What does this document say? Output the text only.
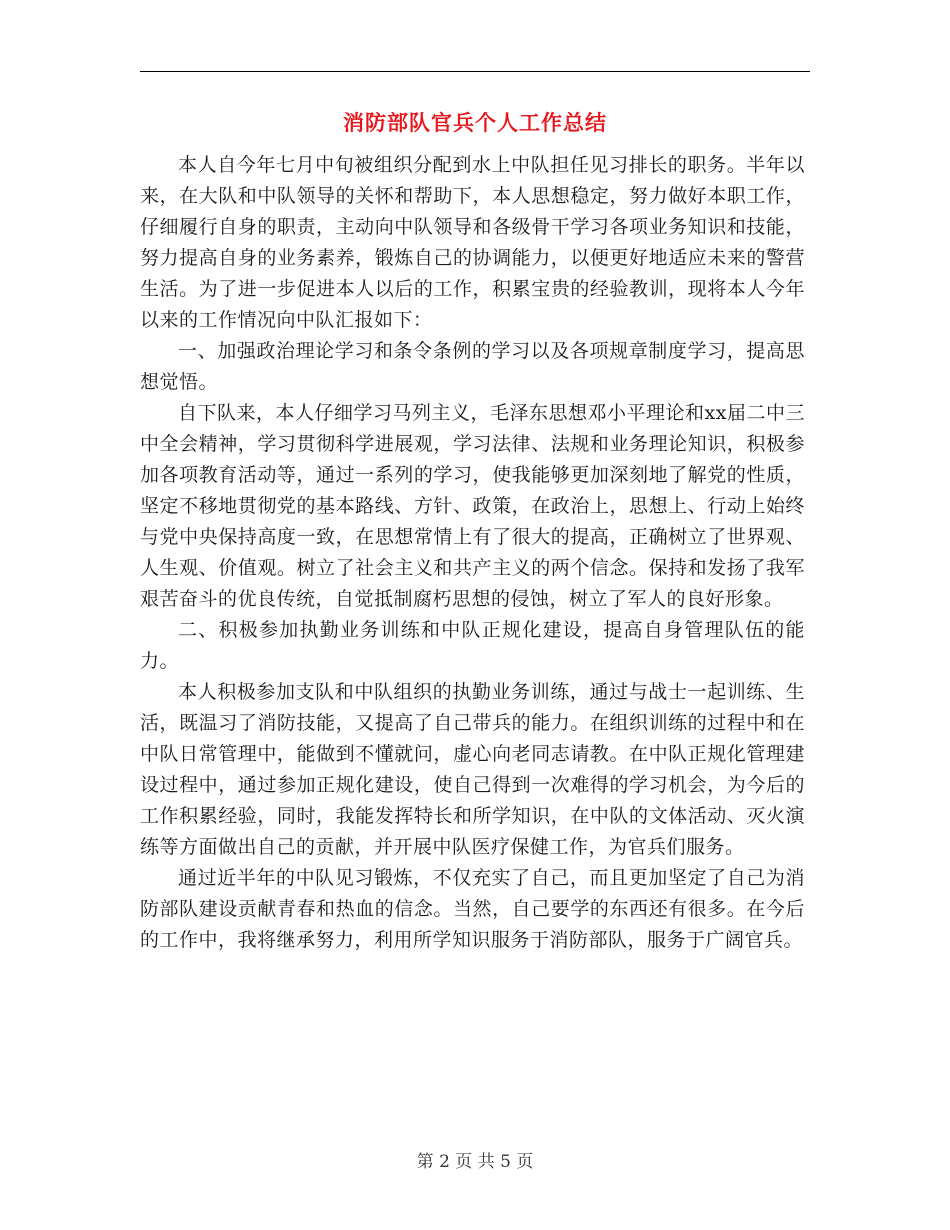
消防部队官兵个人工作总结

本人自今年七月中旬被组织分配到水上中队担任见习排长的职务。半年以来，在大队和中队领导的关怀和帮助下，本人思想稳定，努力做好本职工作，仔细履行自身的职责，主动向中队领导和各级骨干学习各项业务知识和技能，努力提高自身的业务素养，锻炼自己的协调能力，以便更好地适应未来的警营生活。为了进一步促进本人以后的工作，积累宝贵的经验教训，现将本人今年以来的工作情况向中队汇报如下：

一、加强政治理论学习和条令条例的学习以及各项规章制度学习，提高思想觉悟。

自下队来，本人仔细学习马列主义，毛泽东思想邓小平理论和xx届二中三中全会精神，学习贯彻科学进展观，学习法律、法规和业务理论知识，积极参加各项教育活动等，通过一系列的学习，使我能够更加深刻地了解党的性质，坚定不移地贯彻党的基本路线、方针、政策，在政治上，思想上、行动上始终与党中央保持高度一致，在思想常情上有了很大的提高，正确树立了世界观、人生观、价值观。树立了社会主义和共产主义的两个信念。保持和发扬了我军艰苦奋斗的优良传统，自觉抵制腐朽思想的侵蚀，树立了军人的良好形象。

二、积极参加执勤业务训练和中队正规化建设，提高自身管理队伍的能力。

本人积极参加支队和中队组织的执勤业务训练，通过与战士一起训练、生活，既温习了消防技能，又提高了自己带兵的能力。在组织训练的过程中和在中队日常管理中，能做到不懂就问，虚心向老同志请教。在中队正规化管理建设过程中，通过参加正规化建设，使自己得到一次难得的学习机会，为今后的工作积累经验，同时，我能发挥特长和所学知识，在中队的文体活动、灭火演练等方面做出自己的贡献，并开展中队医疗保健工作，为官兵们服务。

通过近半年的中队见习锻炼，不仅充实了自己，而且更加坚定了自己为消防部队建设贡献青春和热血的信念。当然，自己要学的东西还有很多。在今后的工作中，我将继承努力，利用所学知识服务于消防部队，服务于广阔官兵。

第 2 页 共 5 页
